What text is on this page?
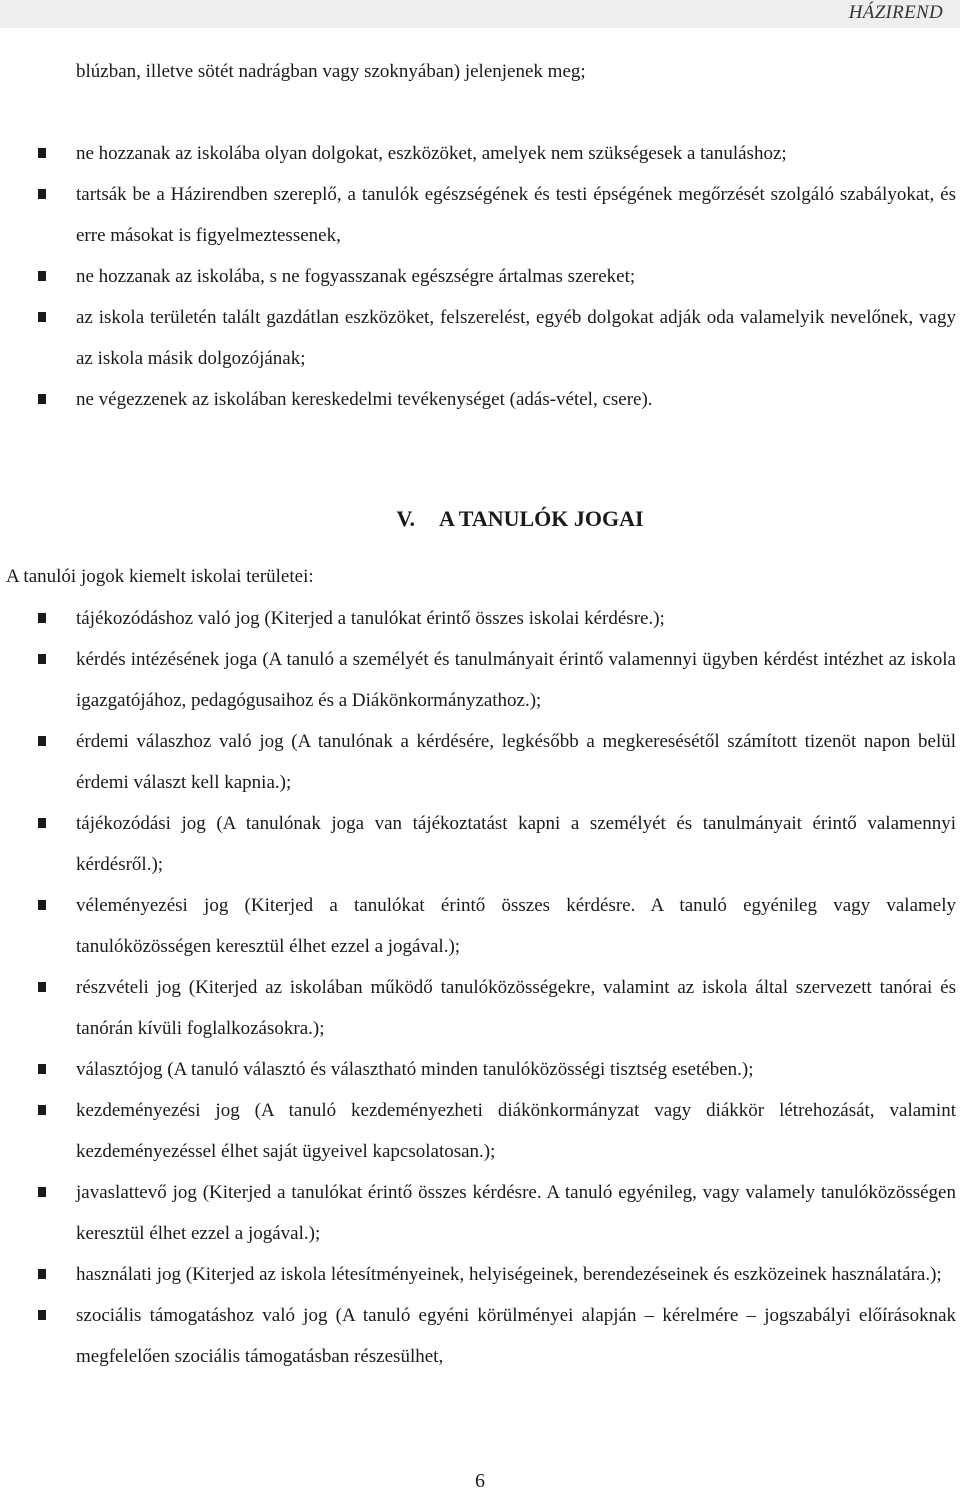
HÁZIREND
blúzban, illetve sötét nadrágban vagy szoknyában) jelenjenek meg;
ne hozzanak az iskolába olyan dolgokat, eszközöket, amelyek nem szükségesek a tanuláshoz;
tartsák be a Házirendben szereplő, a tanulók egészségének és testi épségének megőrzését szolgáló szabályokat, és erre másokat is figyelmeztessenek,
ne hozzanak az iskolába, s ne fogyasszanak egészségre ártalmas szereket;
az iskola területén talált gazdátlan eszközöket, felszerelést, egyéb dolgokat adják oda valamelyik nevelőnek, vagy az iskola másik dolgozójának;
ne végezzenek az iskolában kereskedelmi tevékenységet (adás-vétel, csere).
V. A TANULÓK JOGAI
A tanulói jogok kiemelt iskolai területei:
tájékozódáshoz való jog (Kiterjed a tanulókat érintő összes iskolai kérdésre.);
kérdés intézésének joga (A tanuló a személyét és tanulmányait érintő valamennyi ügyben kérdést intézhet az iskola igazgatójához, pedagógusaihoz és a Diákönkormányzathoz.);
érdemi válaszhoz való jog (A tanulónak a kérdésére, legkésőbb a megkeresésétől számított tizenöt napon belül érdemi választ kell kapnia.);
tájékozódási jog (A tanulónak joga van tájékoztatást kapni a személyét és tanulmányait érintő valamennyi kérdésről.);
véleményezési jog (Kiterjed a tanulókat érintő összes kérdésre. A tanuló egyénileg vagy valamely tanulóközösségen keresztül élhet ezzel a jogával.);
részvételi jog (Kiterjed az iskolában működő tanulóközösségekre, valamint az iskola által szervezett tanórai és tanórán kívüli foglalkozásokra.);
választójog (A tanuló választó és választható minden tanulóközösségi tisztség esetében.);
kezdeményezési jog (A tanuló kezdeményezheti diákönkormányzat vagy diákkör létrehozását, valamint kezdeményezéssel élhet saját ügyeivel kapcsolatosan.);
javaslattevő jog (Kiterjed a tanulókat érintő összes kérdésre. A tanuló egyénileg, vagy valamely tanulóközösségen keresztül élhet ezzel a jogával.);
használati jog (Kiterjed az iskola létesítményeinek, helyiségeinek, berendezéseinek és eszközeinek használatára.);
szociális támogatáshoz való jog (A tanuló egyéni körülményei alapján – kérelmére – jogszabályi előírásoknak megfelelően szociális támogatásban részesülhet,
6
